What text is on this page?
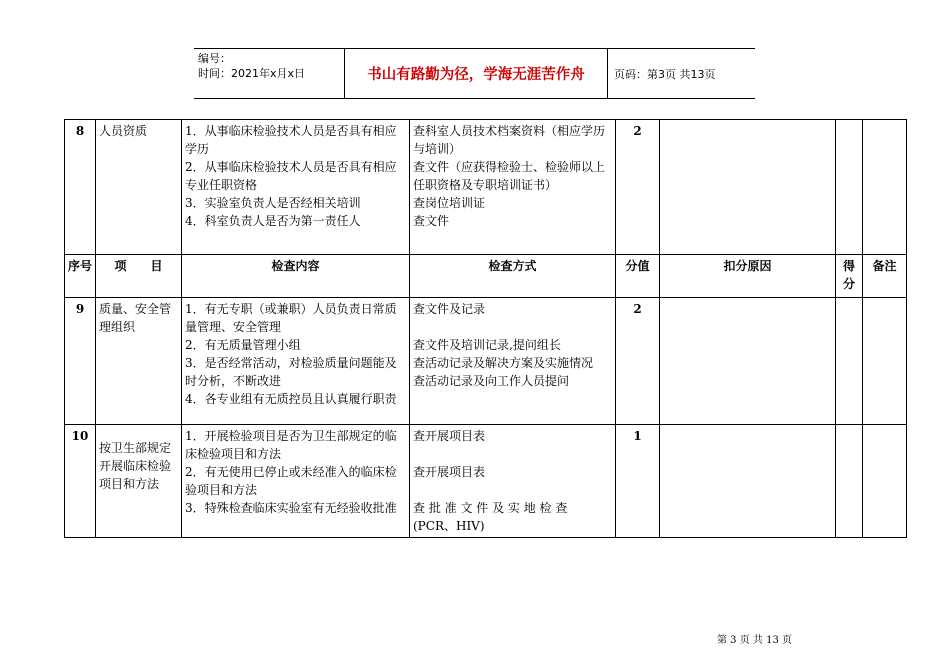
编号：
时间：2021年x月x日	书山有路勤为径，学海无涯苦作舟	页码：第3页 共13页
8	人员资质	1．从事临床检验技术人员是否具有相应学历
2．从事临床检验技术人员是否具有相应专业任职资格
3．实验室负责人是否经相关培训
4．科室负责人是否为第一责任人	查科室人员技术档案资料（相应学历与培训）
查文件（应获得检验士、检验师以上任职资格及专职培训证书）
查岗位培训证
查文件	2			
序号	项　　目	检查内容	检查方式	分值	扣分原因	得分	备注
9	质量、安全管理组织	1．有无专职（或兼职）人员负责日常质量管理、安全管理
2．有无质量管理小组
3．是否经常活动，对检验质量问题能及时分析，不断改进
4．各专业组有无质控员且认真履行职责	查文件及记录
查文件及培训记录,提问组长
查活动记录及解决方案及实施情况
查活动记录及向工作人员提问	2			
10	按卫生部规定开展临床检验项目和方法	1．开展检验项目是否为卫生部规定的临床检验项目和方法
2．有无使用已停止或未经准入的临床检验项目和方法
3．特殊检查临床实验室有无经验收批准	查开展项目表
查开展项目表
查 批 准 文 件 及 实 地 检 查
(PCR、HIV)	1			
第 3 页 共 13 页
